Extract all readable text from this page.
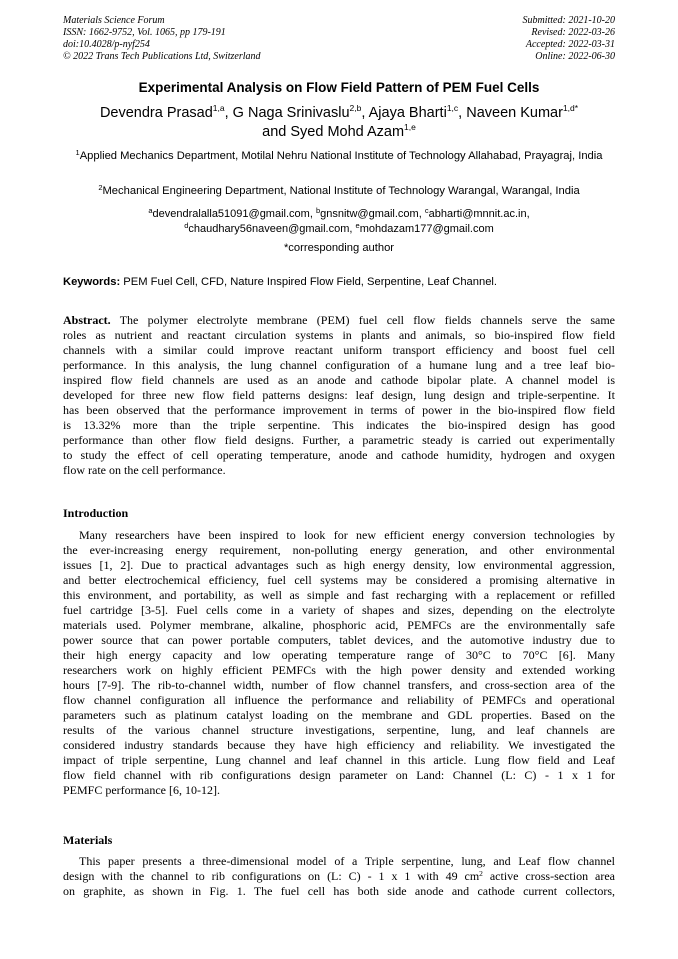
Materials Science Forum
ISSN: 1662-9752, Vol. 1065, pp 179-191
doi:10.4028/p-nyf254
© 2022 Trans Tech Publications Ltd, Switzerland
Submitted: 2021-10-20
Revised: 2022-03-26
Accepted: 2022-03-31
Online: 2022-06-30
Experimental Analysis on Flow Field Pattern of PEM Fuel Cells
Devendra Prasad$^{1,a}$, G Naga Srinivaslu$^{2,b}$, Ajaya Bharti$^{1,c}$, Naveen Kumar$^{1,d*}$
and Syed Mohd Azam$^{1,e}$
$^1$Applied Mechanics Department, Motilal Nehru National Institute of Technology Allahabad, Prayagraj, India
$^2$Mechanical Engineering Department, National Institute of Technology Warangal, Warangal, India
$^a$devendralalla51091@gmail.com, $^b$gnsnitw@gmail.com, $^c$abharti@mnnit.ac.in,
$^d$chaudhary56naveen@gmail.com, $^e$mohdazam177@gmail.com
*corresponding author
Keywords: PEM Fuel Cell, CFD, Nature Inspired Flow Field, Serpentine, Leaf Channel.
Abstract. The polymer electrolyte membrane (PEM) fuel cell flow fields channels serve the same
roles as nutrient and reactant circulation systems in plants and animals, so bio-inspired flow field
channels with a similar could improve reactant uniform transport efficiency and boost fuel cell
performance. In this analysis, the lung channel configuration of a humane lung and a tree leaf bio-
inspired flow field channels are used as an anode and cathode bipolar plate. A channel model is
developed for three new flow field patterns designs: leaf design, lung design and triple-serpentine. It
has been observed that the performance improvement in terms of power in the bio-inspired flow field
is 13.32% more than the triple serpentine. This indicates the bio-inspired design has good
performance than other flow field designs. Further, a parametric steady is carried out experimentally
to study the effect of cell operating temperature, anode and cathode humidity, hydrogen and oxygen
flow rate on the cell performance.
Introduction
Many researchers have been inspired to look for new efficient energy conversion technologies by
the ever-increasing energy requirement, non-polluting energy generation, and other environmental
issues [1, 2]. Due to practical advantages such as high energy density, low environmental aggression,
and better electrochemical efficiency, fuel cell systems may be considered a promising alternative in
this environment, and portability, as well as simple and fast recharging with a replacement or refilled
fuel cartridge [3-5]. Fuel cells come in a variety of shapes and sizes, depending on the electrolyte
materials used. Polymer membrane, alkaline, phosphoric acid, PEMFCs are the environmentally safe
power source that can power portable computers, tablet devices, and the automotive industry due to
their high energy capacity and low operating temperature range of 30°C to 70°C [6]. Many
researchers work on highly efficient PEMFCs with the high power density and extended working
hours [7-9]. The rib-to-channel width, number of flow channel transfers, and cross-section area of the
flow channel configuration all influence the performance and reliability of PEMFCs and operational
parameters such as platinum catalyst loading on the membrane and GDL properties. Based on the
results of the various channel structure investigations, serpentine, lung, and leaf channels are
considered industry standards because they have high efficiency and reliability. We investigated the
impact of triple serpentine, Lung channel and leaf channel in this article. Lung flow field and Leaf
flow field channel with rib configurations design parameter on Land: Channel (L: C) - 1 x 1 for
PEMFC performance [6, 10-12].
Materials
This paper presents a three-dimensional model of a Triple serpentine, lung, and Leaf flow channel
design with the channel to rib configurations on (L: C) - 1 x 1 with 49 $cm^2$ active cross-section area
on graphite, as shown in Fig. 1. The fuel cell has both side anode and cathode current collectors,
